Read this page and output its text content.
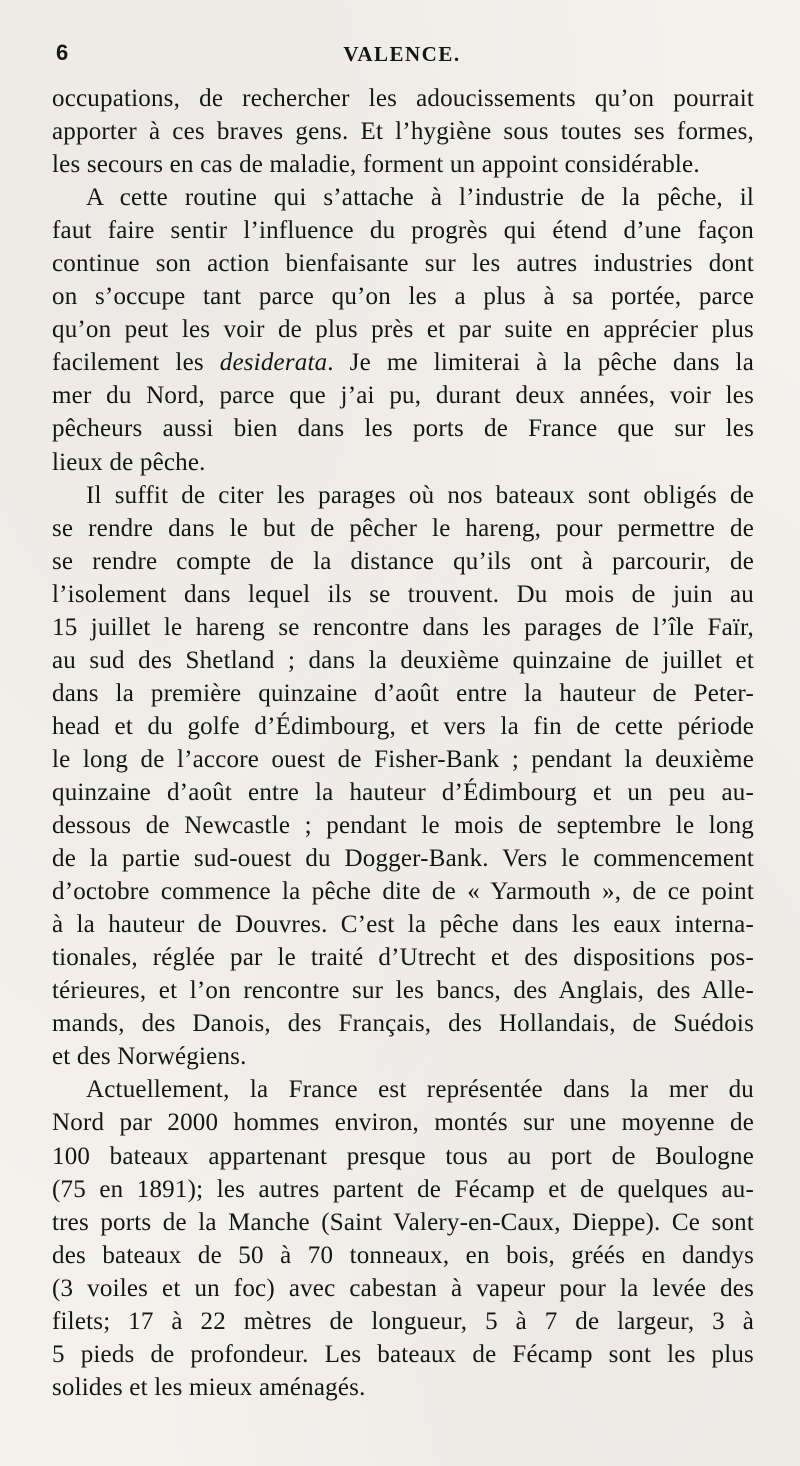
6	VALENCE.
occupations, de rechercher les adoucissements qu’on pourrait
apporter à ces braves gens. Et l’hygiène sous toutes ses formes,
les secours en cas de maladie, forment un appoint considérable.
A cette routine qui s’attache à l’industrie de la pêche, il
faut faire sentir l’influence du progrès qui étend d’une façon
continue son action bienfaisante sur les autres industries dont
on s’occupe tant parce qu’on les a plus à sa portée, parce
qu’on peut les voir de plus près et par suite en apprécier plus
facilement les desiderata. Je me limiterai à la pêche dans la
mer du Nord, parce que j’ai pu, durant deux années, voir les
pêcheurs aussi bien dans les ports de France que sur les
lieux de pêche.
Il suffit de citer les parages où nos bateaux sont obligés de
se rendre dans le but de pêcher le hareng, pour permettre de
se rendre compte de la distance qu’ils ont à parcourir, de
l’isolement dans lequel ils se trouvent. Du mois de juin au
15 juillet le hareng se rencontre dans les parages de l’île Faïr,
au sud des Shetland ; dans la deuxième quinzaine de juillet et
dans la première quinzaine d’août entre la hauteur de Peter-
head et du golfe d’Édimbourg, et vers la fin de cette période
le long de l’accore ouest de Fisher-Bank ; pendant la deuxième
quinzaine d’août entre la hauteur d’Édimbourg et un peu au-
dessous de Newcastle ; pendant le mois de septembre le long
de la partie sud-ouest du Dogger-Bank. Vers le commencement
d’octobre commence la pêche dite de « Yarmouth », de ce point
à la hauteur de Douvres. C’est la pêche dans les eaux interna-
tionales, réglée par le traité d’Utrecht et des dispositions pos-
térieures, et l’on rencontre sur les bancs, des Anglais, des Alle-
mands, des Danois, des Français, des Hollandais, de Suédois
et des Norwégiens.
Actuellement, la France est représentée dans la mer du
Nord par 2000 hommes environ, montés sur une moyenne de
100 bateaux appartenant presque tous au port de Boulogne
(75 en 1891); les autres partent de Fécamp et de quelques au-
tres ports de la Manche (Saint Valery-en-Caux, Dieppe). Ce sont
des bateaux de 50 à 70 tonneaux, en bois, gréés en dandys
(3 voiles et un foc) avec cabestan à vapeur pour la levée des
filets; 17 à 22 mètres de longueur, 5 à 7 de largeur, 3 à
5 pieds de profondeur. Les bateaux de Fécamp sont les plus
solides et les mieux aménagés.
